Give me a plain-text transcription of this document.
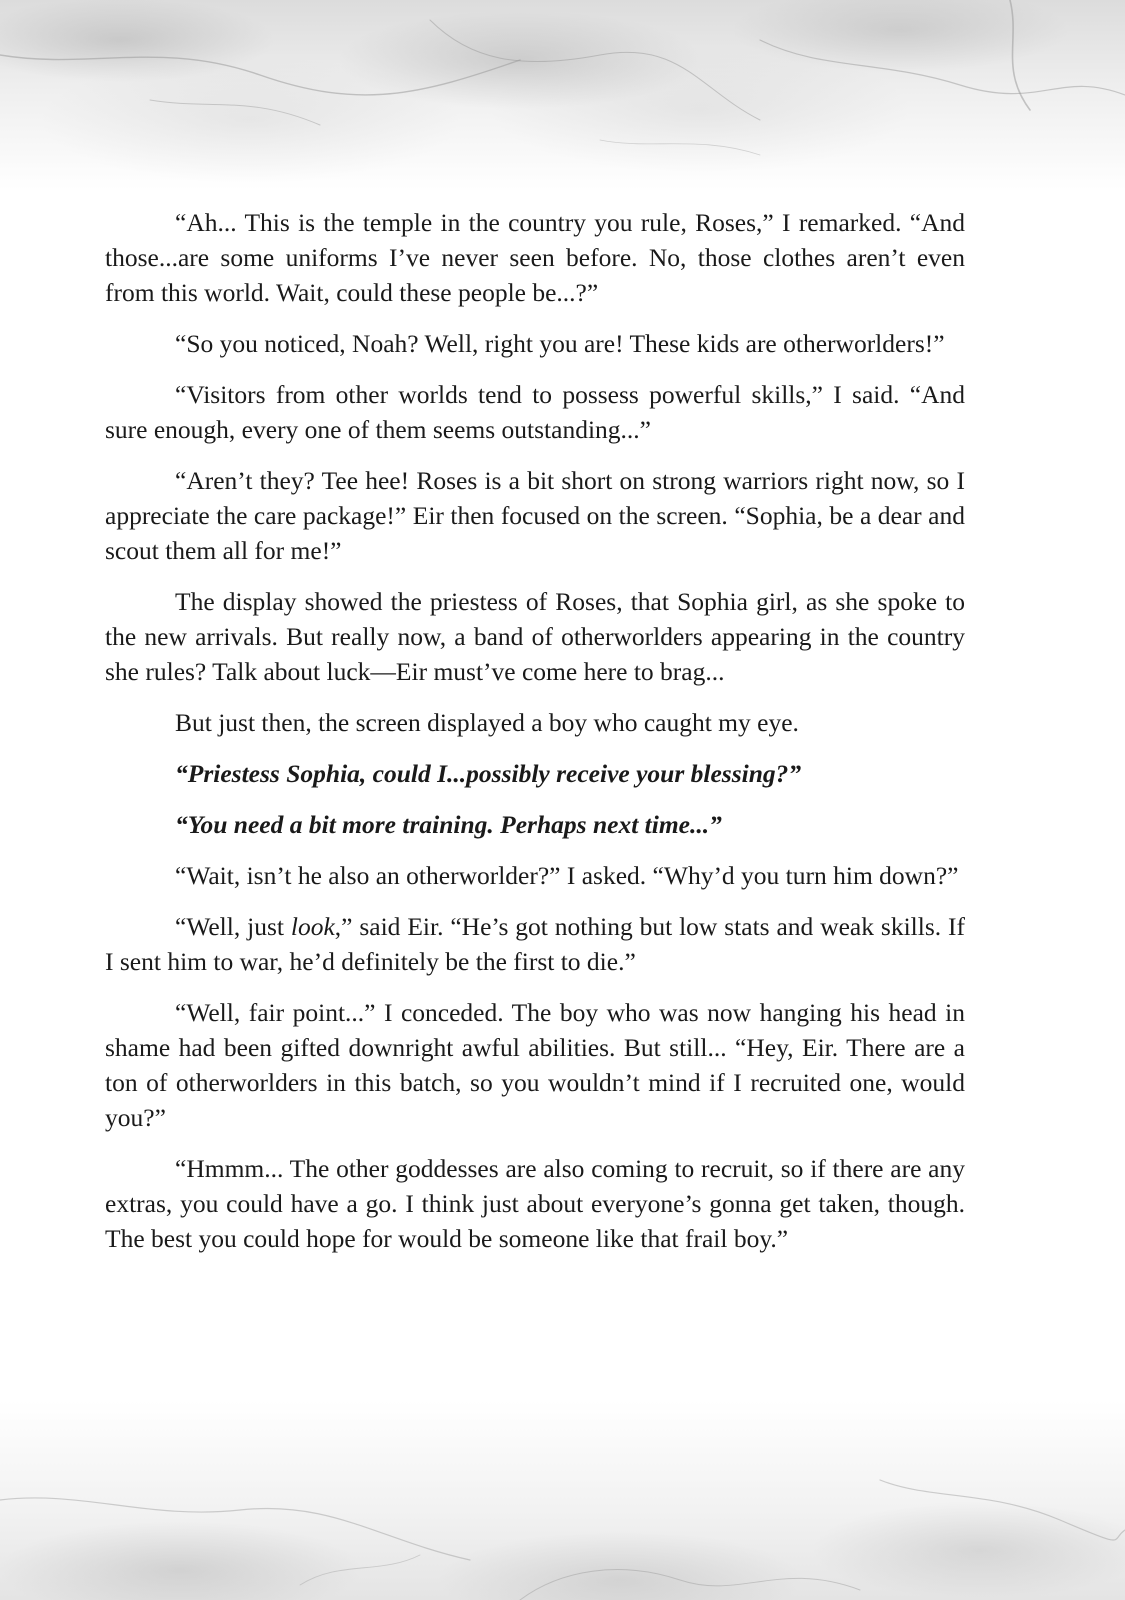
“Ah... This is the temple in the country you rule, Roses,” I remarked. “And those...are some uniforms I’ve never seen before. No, those clothes aren’t even from this world. Wait, could these people be...?”

“So you noticed, Noah? Well, right you are! These kids are otherworlders!”

“Visitors from other worlds tend to possess powerful skills,” I said. “And sure enough, every one of them seems outstanding...”

“Aren’t they? Tee hee! Roses is a bit short on strong warriors right now, so I appreciate the care package!” Eir then focused on the screen. “Sophia, be a dear and scout them all for me!”

The display showed the priestess of Roses, that Sophia girl, as she spoke to the new arrivals. But really now, a band of otherworlders appearing in the country she rules? Talk about luck—Eir must’ve come here to brag...

But just then, the screen displayed a boy who caught my eye.

“Priestess Sophia, could I...possibly receive your blessing?”

“You need a bit more training. Perhaps next time...”

“Wait, isn’t he also an otherworlder?” I asked. “Why’d you turn him down?”

“Well, just look,” said Eir. “He’s got nothing but low stats and weak skills. If I sent him to war, he’d definitely be the first to die.”

“Well, fair point...” I conceded. The boy who was now hanging his head in shame had been gifted downright awful abilities. But still... “Hey, Eir. There are a ton of otherworlders in this batch, so you wouldn’t mind if I recruited one, would you?”

“Hmmm... The other goddesses are also coming to recruit, so if there are any extras, you could have a go. I think just about everyone’s gonna get taken, though. The best you could hope for would be someone like that frail boy.”
